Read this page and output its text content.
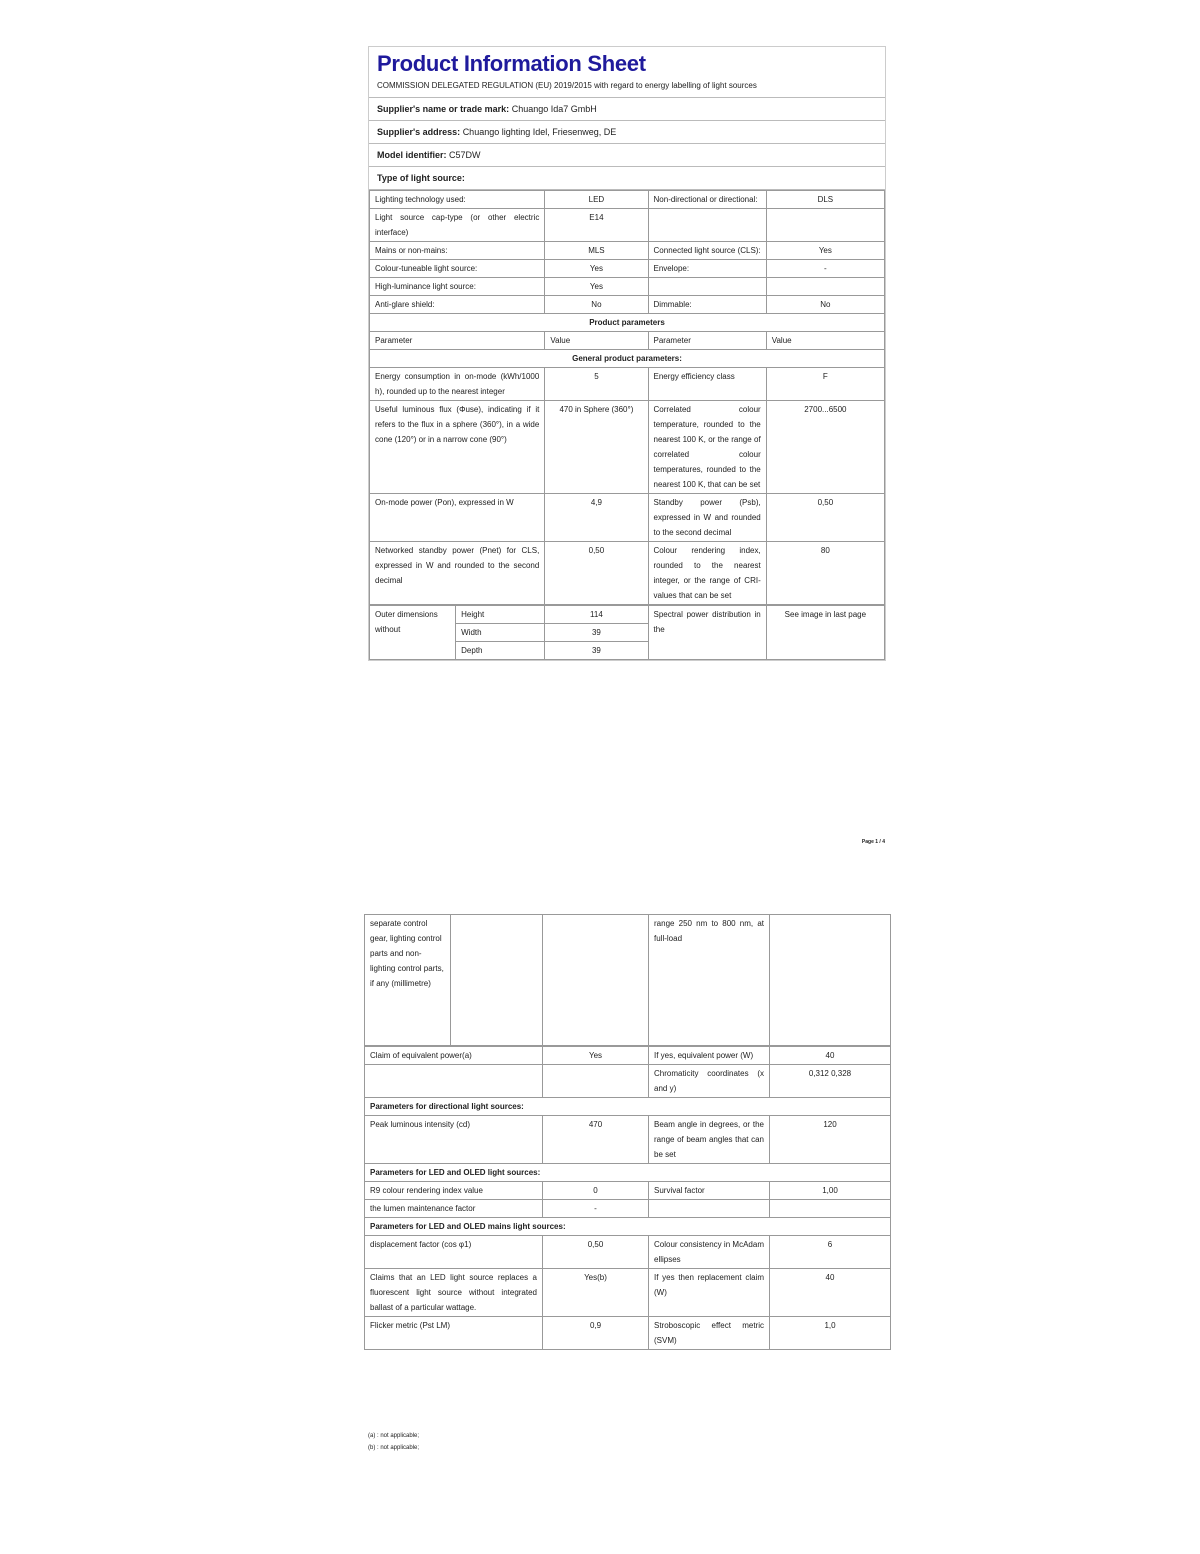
Product Information Sheet
COMMISSION DELEGATED REGULATION (EU) 2019/2015 with regard to energy labelling of light sources
Supplier's name or trade mark: Chuango Ida7 GmbH
Supplier's address: Chuango lighting Idel, Friesenweg, DE
Model identifier: C57DW
Type of light source:
Lighting technology used:	LED	Non-directional or directional:	DLS
Light source cap-type (or other electric interface)	E14		
Mains or non-mains:	MLS	Connected light source (CLS):	Yes
Colour-tuneable light source:	Yes	Envelope:	-
High-luminance light source:	Yes		
Anti-glare shield:	No	Dimmable:	No
Product parameters			
Parameter	Value	Parameter	Value
General product parameters:			
Energy consumption in on-mode (kWh/1000 h), rounded up to the nearest integer	5	Energy efficiency class	F
Useful luminous flux (Φuse), indicating if it refers to the flux in a sphere (360°), in a wide cone (120°) or in a narrow cone (90°)	470 in Sphere (360°)	Correlated colour temperature, rounded to the nearest 100 K, or the range of correlated colour temperatures, rounded to the nearest 100 K, that can be set	2700...6500
On-mode power (Pon), expressed in W	4,9	Standby power (Psb), expressed in W and rounded to the second decimal	0,50
Networked standby power (Pnet) for CLS, expressed in W and rounded to the second decimal	0,50	Colour rendering index, rounded to the nearest integer, or the range of CRI-values that can be set	80
Outer dimensions without	Height	114	Spectral power distribution in the	See image in last page
	Width	39		
	Depth	39		
Page 1 / 4
separate control gear, lighting control parts and non-lighting control parts, if any (millimetre)			range 250 nm to 800 nm, at full-load	
Claim of equivalent power(a)	Yes	If yes, equivalent power (W)	40
		Chromaticity coordinates (x and y)	0,312 0,328
Parameters for directional light sources:			
Peak luminous intensity (cd)	470	Beam angle in degrees, or the range of beam angles that can be set	120
Parameters for LED and OLED light sources:			
R9 colour rendering index value	0	Survival factor	1,00
the lumen maintenance factor	-		
Parameters for LED and OLED mains light sources:			
displacement factor (cos φ1)	0,50	Colour consistency in McAdam ellipses	6
Claims that an LED light source replaces a fluorescent light source without integrated ballast of a particular wattage.	Yes(b)	If yes then replacement claim (W)	40
Flicker metric (Pst LM)	0,9	Stroboscopic effect metric (SVM)	1,0
(a) : not applicable;
(b) : not applicable;
